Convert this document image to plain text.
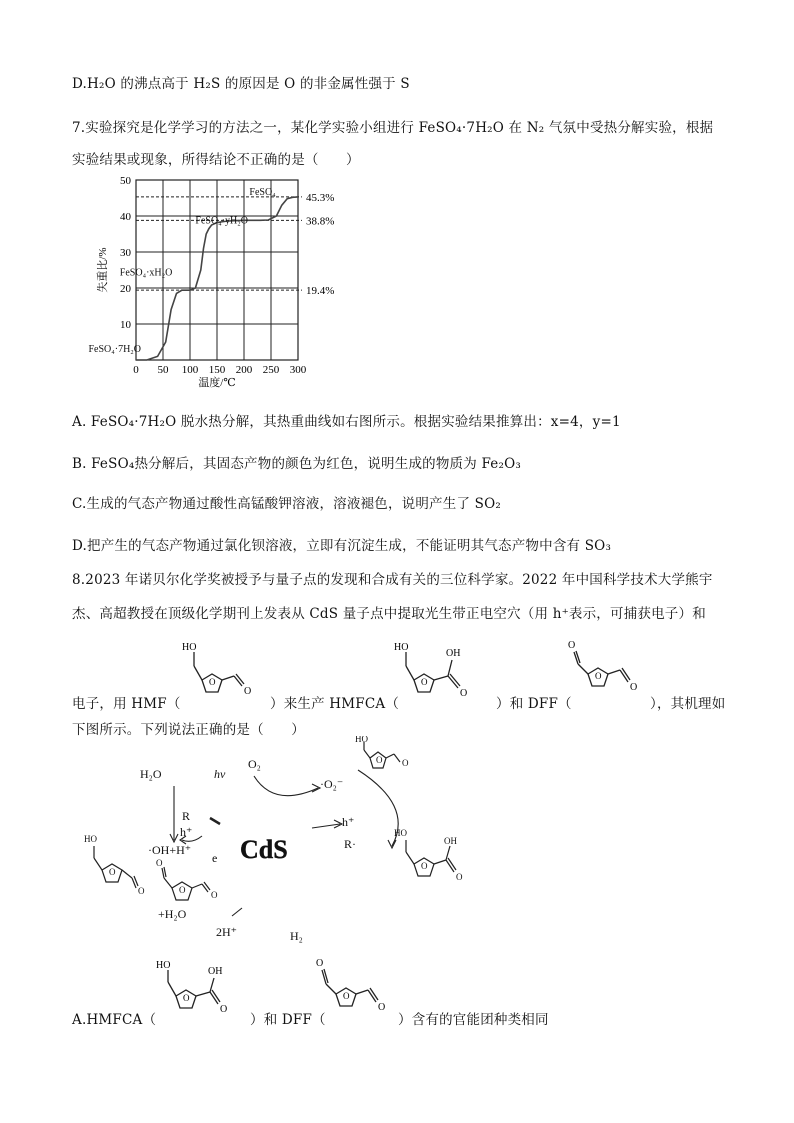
D.H₂O 的沸点高于 H₂S 的原因是 O 的非金属性强于 S
7.实验探究是化学学习的方法之一，某化学实验小组进行 FeSO₄·7H₂O 在 N₂ 气氛中受热分解实验，根据
实验结果或现象，所得结论不正确的是（　　）
0 50 100 150 200 250 300
10
20
30
40
50
45.3%
38.8%
19.4%
温度/℃
失重比/%
FeSO₄
FeSO₄·yH₂O
FeSO₄·xH₂O
FeSO₄·7H₂O
A. FeSO₄·7H₂O 脱水热分解，其热重曲线如右图所示。根据实验结果推算出：x=4，y=1
B. FeSO₄热分解后，其固态产物的颜色为红色，说明生成的物质为 Fe₂O₃
C.生成的气态产物通过酸性高锰酸钾溶液，溶液褪色，说明产生了 SO₂
D.把产生的气态产物通过氯化钡溶液，立即有沉淀生成，不能证明其气态产物中含有 SO₃
8.2023 年诺贝尔化学奖被授予与量子点的发现和合成有关的三位科学家。2022 年中国科学技术大学熊宇
杰、高超教授在顶级化学期刊上发表从 CdS 量子点中提取光生带正电空穴（用 h⁺表示，可捕获电子）和
电子，用 HMF（	）来生产 HMFCA（	）和 DFF（	），其机理如
下图所示。下列说法正确的是（　　）
HO
O
O
HO
O
OH
O
O
O
O
H₂O	hν
O₂
·O₂⁻
R
h⁺
·OH+H⁺
e CdS
h⁺
R·
+H₂O
2H⁺	H₂
HO
O
O
O
O	O
HO
O O
HO
O
OH
O
A.HMFCA（
HO
O
OH
O
）和 DFF（
O
O
O
）含有的官能团种类相同
